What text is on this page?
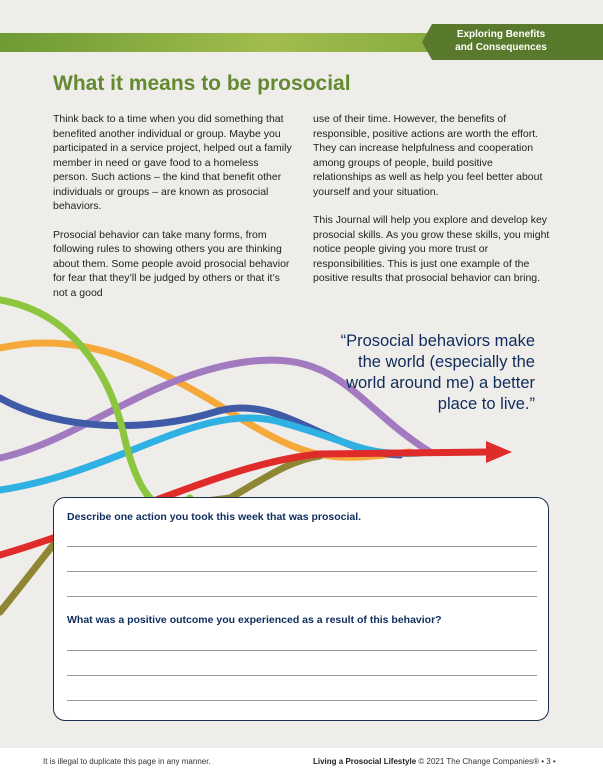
Exploring Benefits
and Consequences
What it means to be prosocial

Think back to a time when you did something that benefited another individual or group. Maybe you participated in a service project, helped out a family member in need or gave food to a homeless person. Such actions – the kind that benefit other individuals or groups – are known as prosocial behaviors.

Prosocial behavior can take many forms, from following rules to showing others you are thinking about them. Some people avoid prosocial behavior for fear that they’ll be judged by others or that it’s not a good

use of their time. However, the benefits of responsible, positive actions are worth the effort. They can increase helpfulness and cooperation among groups of people, build positive relationships as well as help you feel better about yourself and your situation.

This Journal will help you explore and develop key prosocial skills. As you grow these skills, you might notice people giving you more trust or responsibilities. This is just one example of the positive results that prosocial behavior can bring.

“Prosocial behaviors make
the world (especially the
world around me) a better
place to live.”

Describe one action you took this week that was prosocial.

What was a positive outcome you experienced as a result of this behavior?

It is illegal to duplicate this page in any manner.	Living a Prosocial Lifestyle © 2021 The Change Companies® • 3 •
